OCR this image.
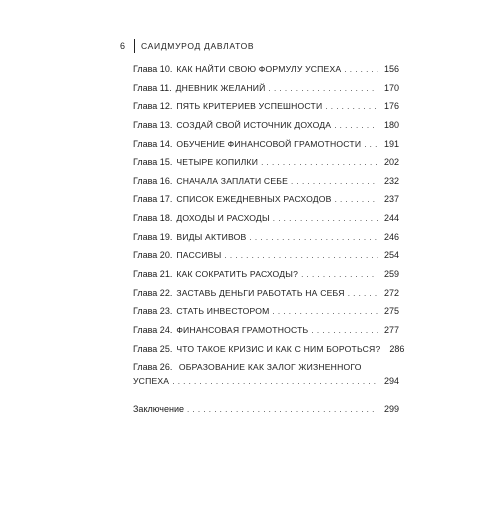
6	САИДМУРОД ДАВЛАТОВ
Глава 10. КАК НАЙТИ СВОЮ ФОРМУЛУ УСПЕХА . . .	156
Глава 11. ДНЕВНИК ЖЕЛАНИЙ . . .	170
Глава 12. ПЯТЬ КРИТЕРИЕВ УСПЕШНОСТИ . . .	176
Глава 13. СОЗДАЙ СВОЙ ИСТОЧНИК ДОХОДА . . .	180
Глава 14. ОБУЧЕНИЕ ФИНАНСОВОЙ ГРАМОТНОСТИ . . .	191
Глава 15. ЧЕТЫРЕ КОПИЛКИ . . .	202
Глава 16. СНАЧАЛА ЗАПЛАТИ СЕБЕ . . .	232
Глава 17. СПИСОК ЕЖЕДНЕВНЫХ РАСХОДОВ . . .	237
Глава 18. ДОХОДЫ И РАСХОДЫ . . .	244
Глава 19. ВИДЫ АКТИВОВ . . .	246
Глава 20. ПАССИВЫ . . .	254
Глава 21. КАК СОКРАТИТЬ РАСХОДЫ? . . .	259
Глава 22. ЗАСТАВЬ ДЕНЬГИ РАБОТАТЬ НА СЕБЯ . . .	272
Глава 23. СТАТЬ ИНВЕСТОРОМ . . .	275
Глава 24. ФИНАНСОВАЯ ГРАМОТНОСТЬ . . .	277
Глава 25. ЧТО ТАКОЕ КРИЗИС И КАК С НИМ БОРОТЬСЯ? 286
Глава 26. ОБРАЗОВАНИЕ КАК ЗАЛОГ ЖИЗНЕННОГО
УСПЕХА . . .	294
Заключение . . .	299
